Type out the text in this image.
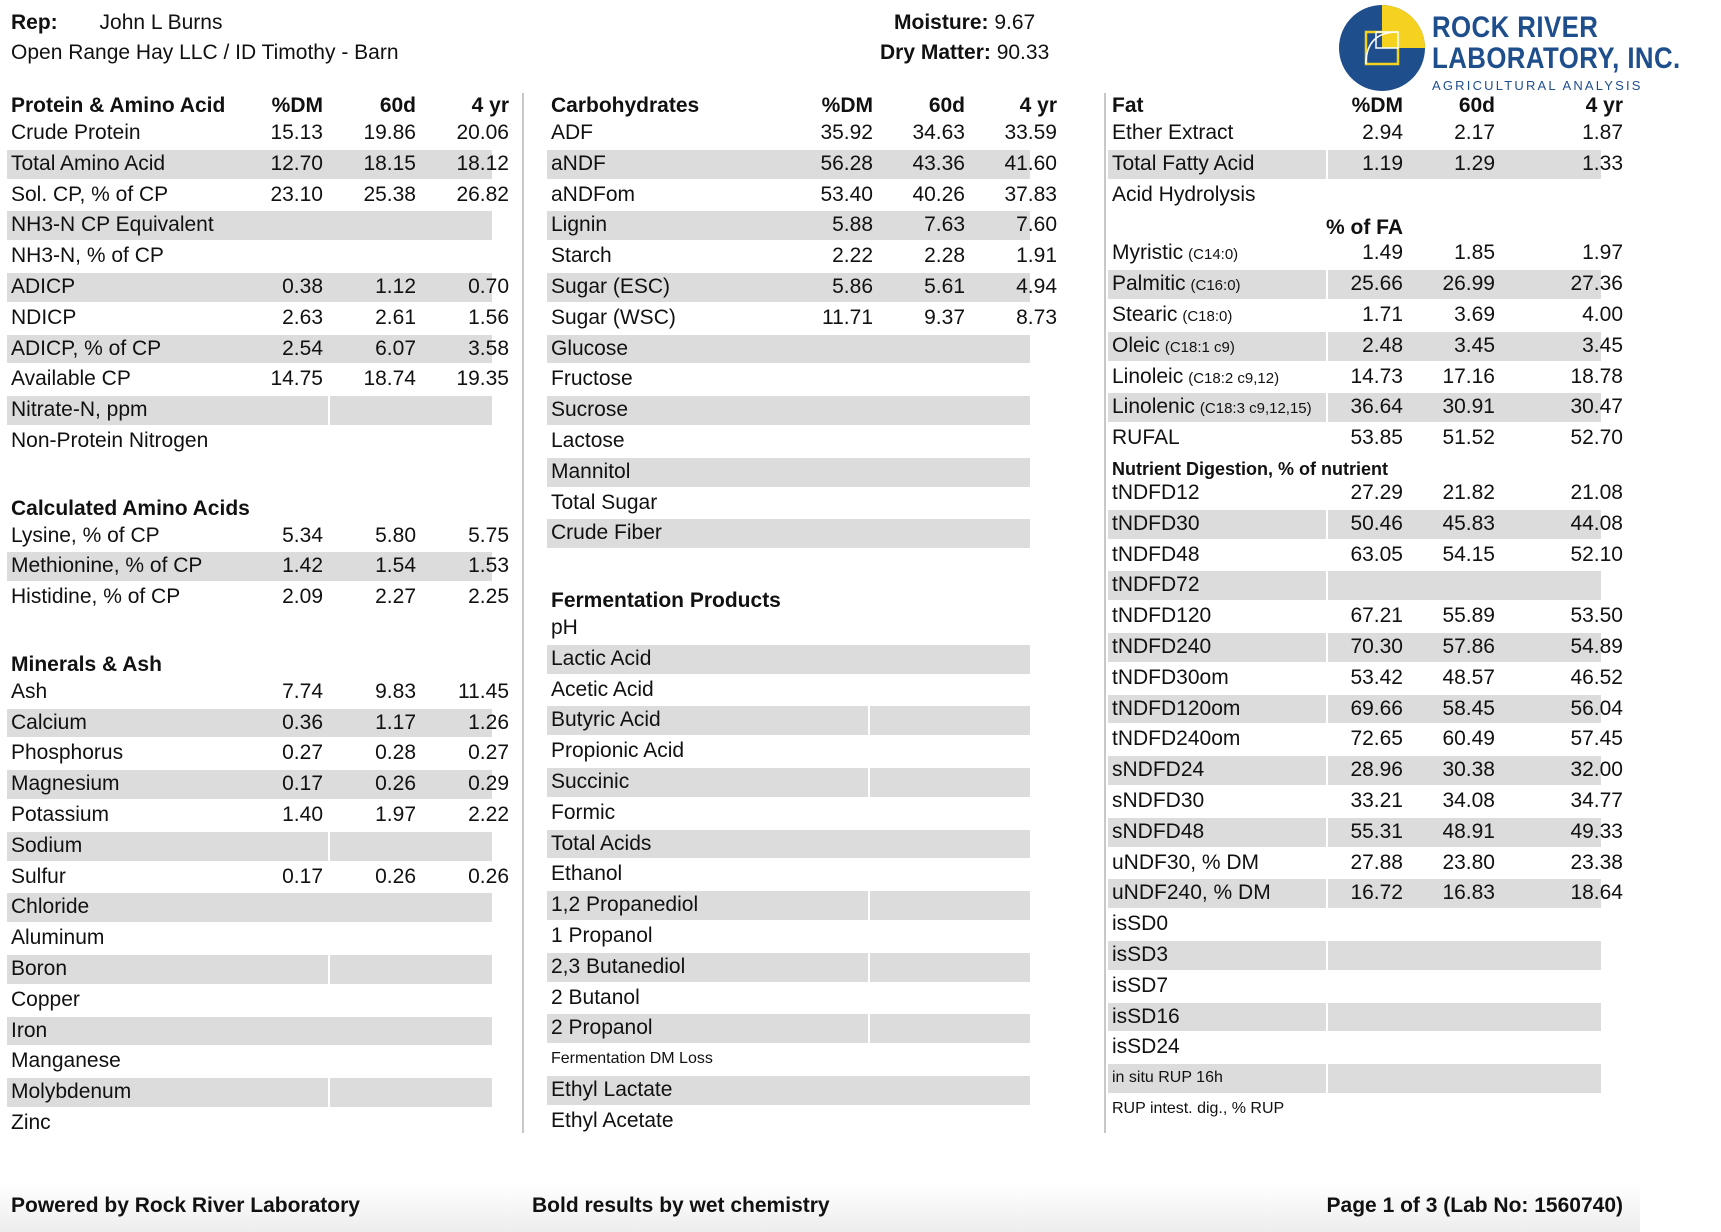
Rep: John L Burns
Open Range Hay LLC / ID Timothy - Barn
Moisture: 9.67
Dry Matter: 90.33
ROCK RIVER
LABORATORY, INC.
AGRICULTURAL ANALYSIS
Protein & Amino Acid %DM	60d	4 yr
Crude Protein	15.13 19.86 20.06
Total Amino Acid	12.70 18.15 18.12
Sol. CP, % of CP	23.10 25.38 26.82
NH3-N CP Equivalent
NH3-N, % of CP
ADICP	0.38 1.12 0.70
NDICP	2.63 2.61 1.56
ADICP, % of CP	2.54 6.07 3.58
Available CP	14.75 18.74 19.35
Nitrate-N, ppm
Non-Protein Nitrogen
Calculated Amino Acids
Lysine, % of CP	5.34 5.80 5.75
Methionine, % of CP	1.42 1.54 1.53
Histidine, % of CP	2.09 2.27 2.25
Minerals & Ash
Ash	7.74 9.83 11.45
Calcium	0.36 1.17 1.26
Phosphorus	0.27 0.28 0.27
Magnesium	0.17 0.26 0.29
Potassium	1.40 1.97 2.22
Sodium
Sulfur	0.17 0.26 0.26
Chloride
Aluminum
Boron
Copper
Iron
Manganese
Molybdenum
Zinc
Carbohydrates	%DM	60d	4 yr
ADF	35.92 34.63 33.59
aNDF	56.28 43.36 41.60
aNDFom	53.40 40.26 37.83
Lignin	5.88 7.63 7.60
Starch	2.22 2.28 1.91
Sugar (ESC)	5.86 5.61 4.94
Sugar (WSC)	11.71 9.37 8.73
Glucose
Fructose
Sucrose
Lactose
Mannitol
Total Sugar
Crude Fiber
Fermentation Products
pH
Lactic Acid
Acetic Acid
Butyric Acid
Propionic Acid
Succinic
Formic
Total Acids
Ethanol
1,2 Propanediol
1 Propanol
2,3 Butanediol
2 Butanol
2 Propanol
Fermentation DM Loss
Ethyl Lactate
Ethyl Acetate
Fat	%DM	60d	4 yr
Ether Extract	2.94 2.17	1.87
Total Fatty Acid	1.19 1.29	1.33
Acid Hydrolysis
% of FA
Myristic (C14:0)	1.49 1.85	1.97
Palmitic (C16:0)	25.66 26.99	27.36
Stearic (C18:0)	1.71 3.69	4.00
Oleic (C18:1 c9)	2.48 3.45	3.45
Linoleic (C18:2 c9,12)	14.73 17.16	18.78
Linolenic (C18:3 c9,12,15) 36.64 30.91	30.47
RUFAL	53.85 51.52	52.70
Nutrient Digestion, % of nutrient
tNDFD12	27.29 21.82	21.08
tNDFD30	50.46 45.83	44.08
tNDFD48	63.05 54.15	52.10
tNDFD72
tNDFD120	67.21 55.89	53.50
tNDFD240	70.30 57.86	54.89
tNDFD30om	53.42 48.57	46.52
tNDFD120om	69.66 58.45	56.04
tNDFD240om	72.65 60.49	57.45
sNDFD24	28.96 30.38	32.00
sNDFD30	33.21 34.08	34.77
sNDFD48	55.31 48.91	49.33
uNDF30, % DM	27.88 23.80	23.38
uNDF240, % DM	16.72 16.83	18.64
isSD0
isSD3
isSD7
isSD16
isSD24
in situ RUP 16h
RUP intest. dig., % RUP
Powered by Rock River Laboratory	Bold results by wet chemistry	Page 1 of 3 (Lab No: 1560740)
